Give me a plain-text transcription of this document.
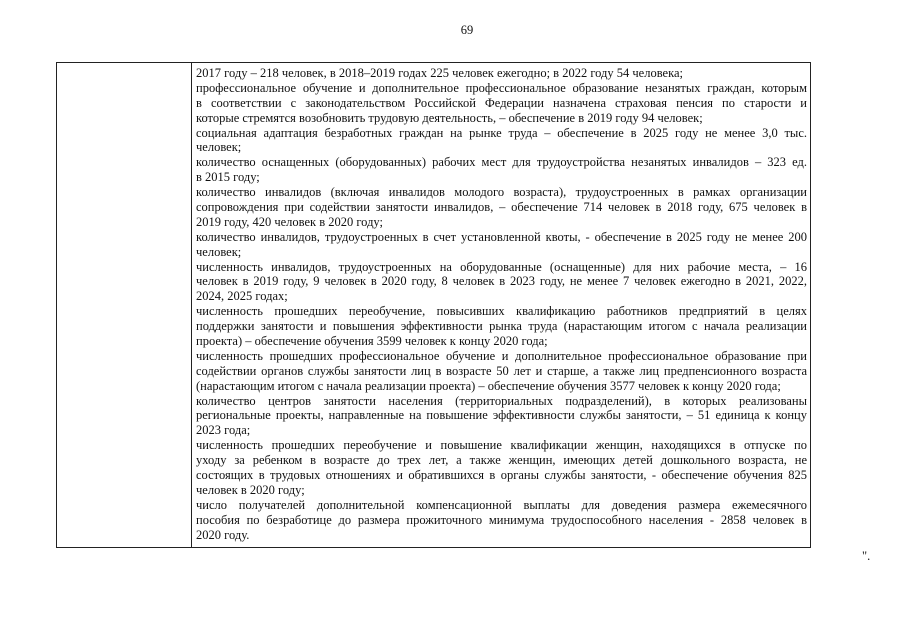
69
2017 году – 218 человек, в 2018–2019 годах 225 человек ежегодно; в 2022 году 54 человека;
профессиональное обучение и дополнительное профессиональное образование незанятых граждан, которым
в соответствии с законодательством Российской Федерации назначена страховая пенсия по старости и
которые стремятся возобновить трудовую деятельность, – обеспечение в 2019 году 94 человек;
социальная адаптация безработных граждан на рынке труда – обеспечение в 2025 году не менее 3,0 тыс.
человек;
количество оснащенных (оборудованных) рабочих мест для трудоустройства незанятых инвалидов – 323 ед.
в 2015 году;
количество инвалидов (включая инвалидов молодого возраста), трудоустроенных в рамках организации
сопровождения при содействии занятости инвалидов, – обеспечение 714 человек в 2018 году, 675 человек в
2019 году, 420 человек в 2020 году;
количество инвалидов, трудоустроенных в счет установленной квоты, - обеспечение в 2025 году не менее 200
человек;
численность инвалидов, трудоустроенных на оборудованные (оснащенные) для них рабочие места, – 16
человек в 2019 году, 9 человек в 2020 году, 8 человек в 2023 году, не менее 7 человек ежегодно в 2021, 2022,
2024, 2025 годах;
численность прошедших переобучение, повысивших квалификацию работников предприятий в целях
поддержки занятости и повышения эффективности рынка труда (нарастающим итогом с начала реализации
проекта) – обеспечение обучения 3599 человек к концу 2020 года;
численность прошедших профессиональное обучение и дополнительное профессиональное образование при
содействии органов службы занятости лиц в возрасте 50 лет и старше, а также лиц предпенсионного возраста
(нарастающим итогом с начала реализации проекта) – обеспечение обучения 3577 человек к концу 2020 года;
количество центров занятости населения (территориальных подразделений), в которых реализованы
региональные проекты, направленные на повышение эффективности службы занятости, – 51 единица к концу
2023 года;
численность прошедших переобучение и повышение квалификации женщин, находящихся в отпуске по
уходу за ребенком в возрасте до трех лет, а также женщин, имеющих детей дошкольного возраста, не
состоящих в трудовых отношениях и обратившихся в органы службы занятости, - обеспечение обучения 825
человек в 2020 году;
число получателей дополнительной компенсационной выплаты для доведения размера ежемесячного
пособия по безработице до размера прожиточного минимума трудоспособного населения - 2858 человек в
2020 году.
".
